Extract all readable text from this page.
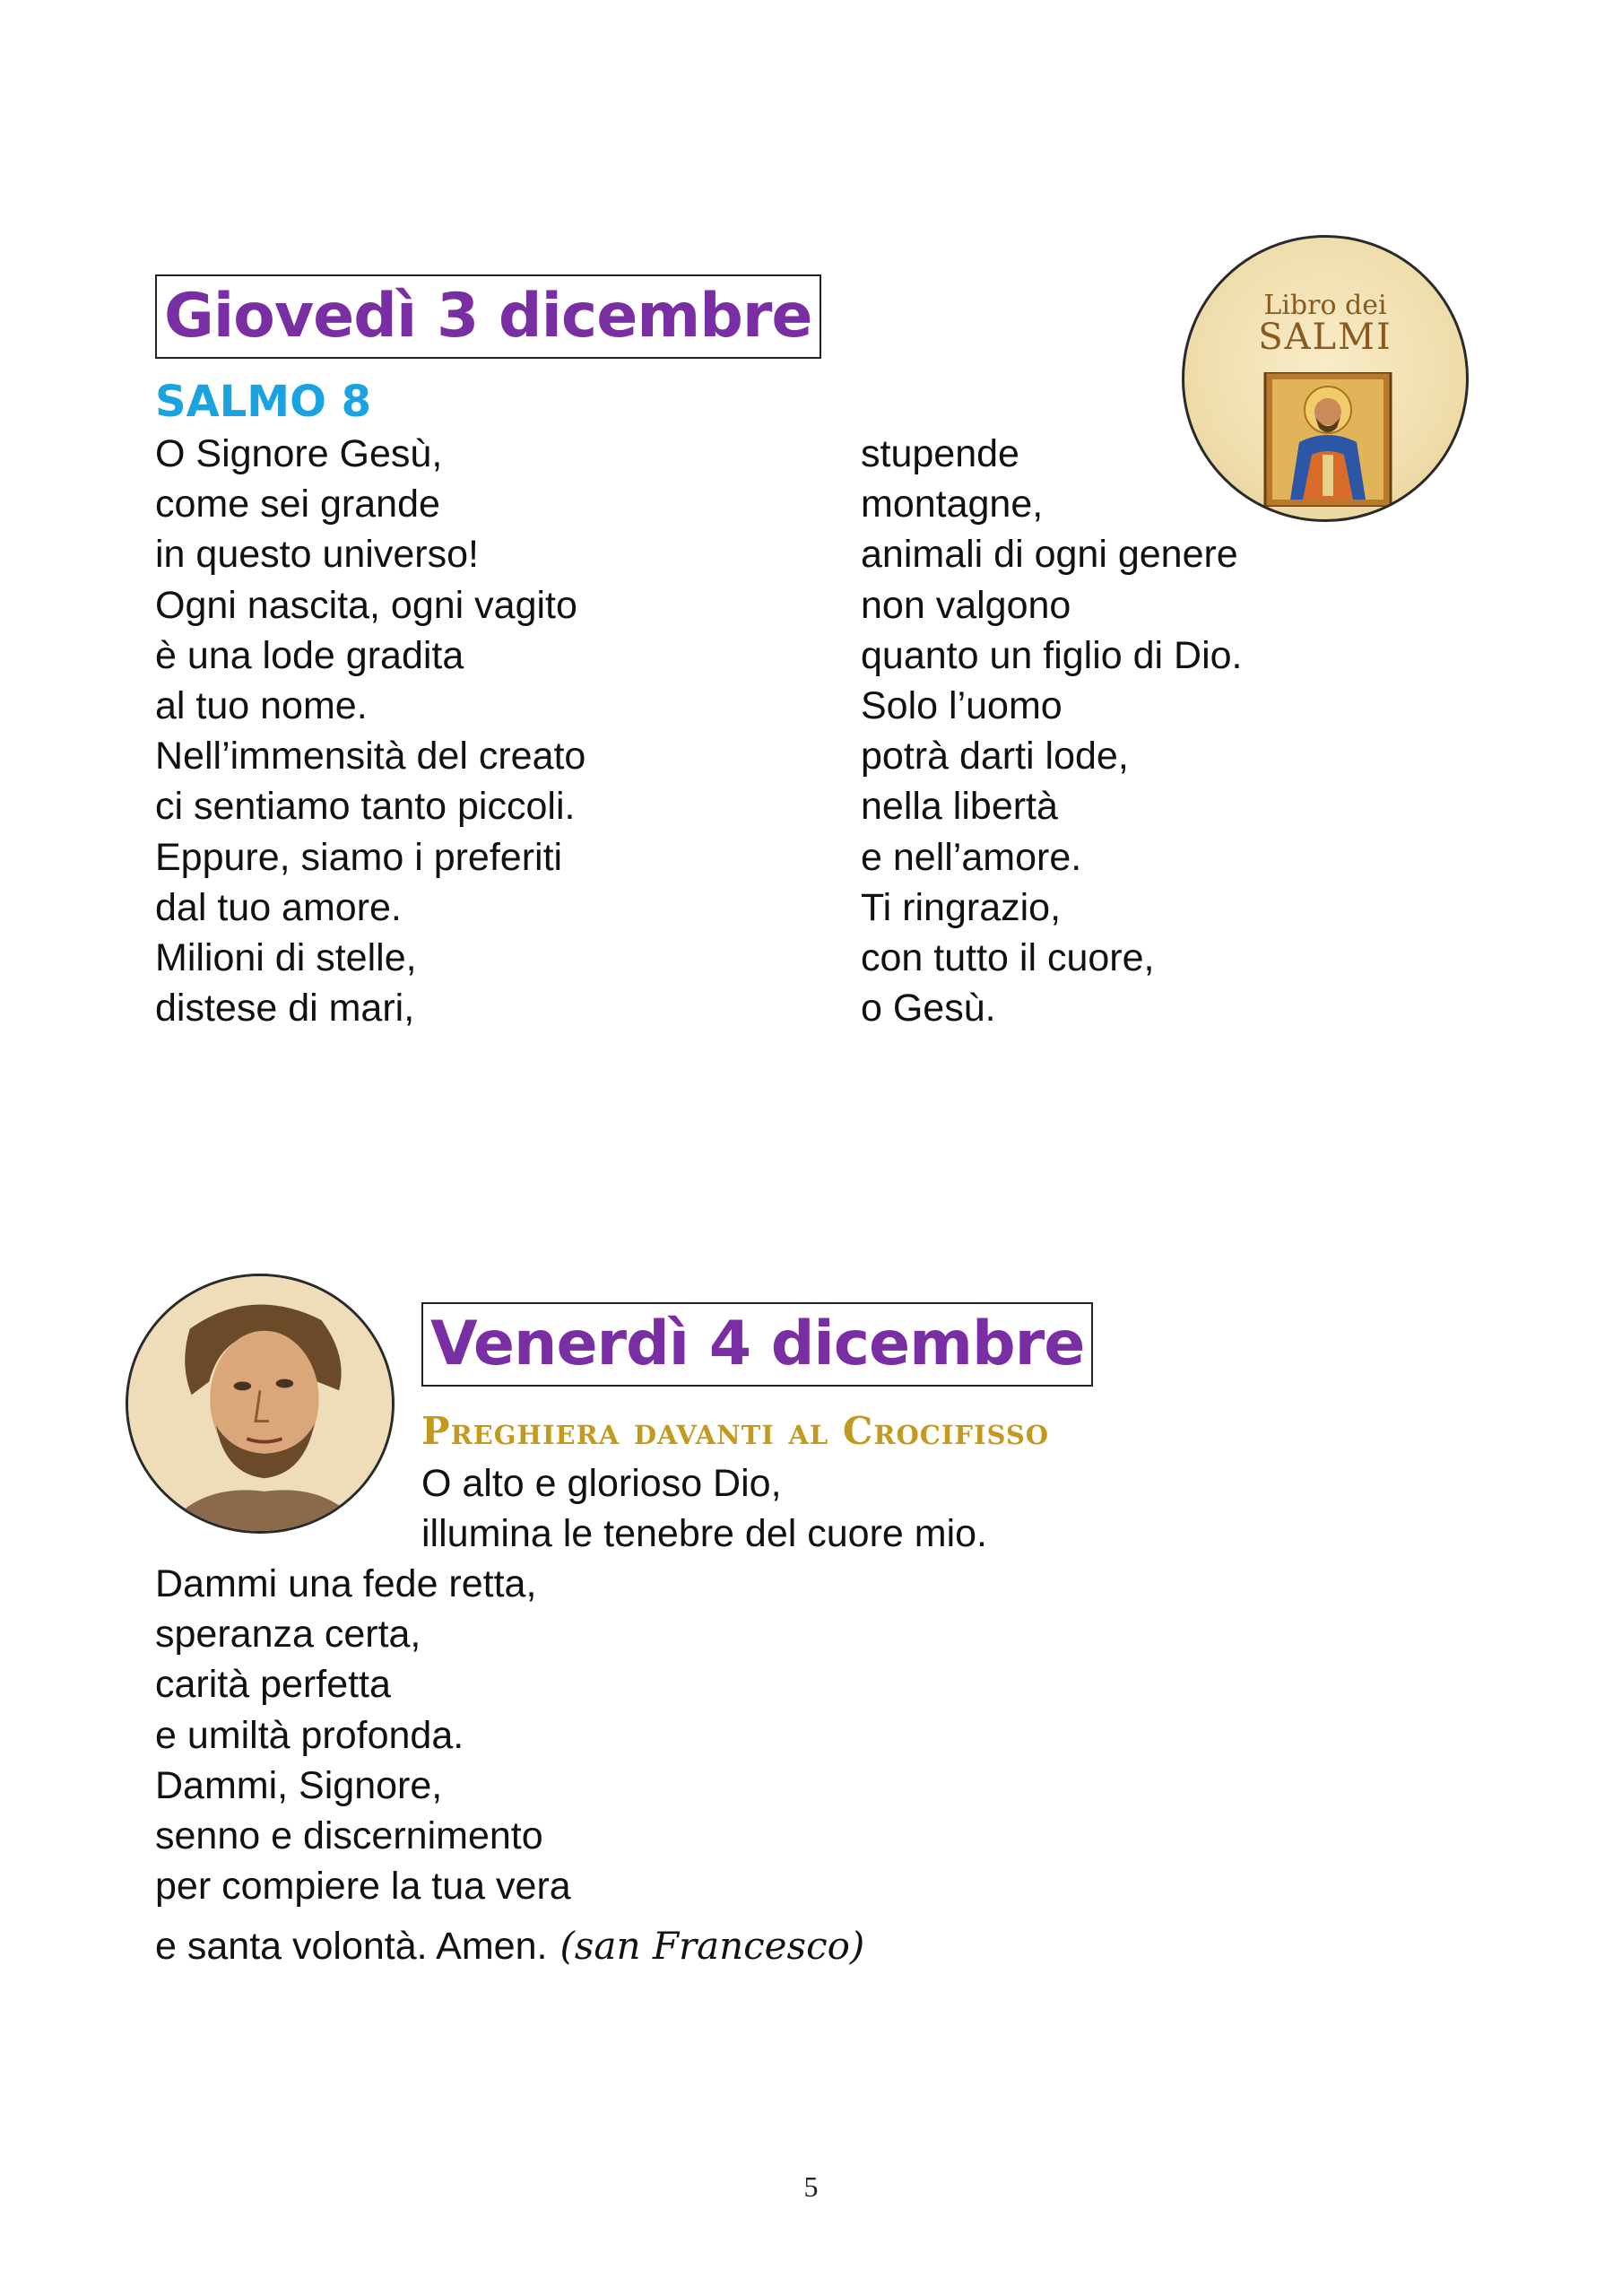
Giovedì 3 dicembre
SALMO 8
O Signore Gesù,
come sei grande
in questo universo!
Ogni nascita, ogni vagito
è una lode gradita
al tuo nome.
Nell’immensità del creato
ci sentiamo tanto piccoli.
Eppure, siamo i preferiti
dal tuo amore.
Milioni di stelle,
distese di mari,
stupende
montagne,
animali di ogni genere
non valgono
quanto un figlio di Dio.
Solo l’uomo
potrà darti lode,
nella libertà
e nell’amore.
Ti ringrazio,
con tutto il cuore,
o Gesù.
Libro dei
SALMI
Venerdì 4 dicembre
Preghiera davanti al Crocifisso
O alto e glorioso Dio,
illumina le tenebre del cuore mio.
Dammi una fede retta,
speranza certa,
carità perfetta
e umiltà profonda.
Dammi, Signore,
senno e discernimento
per compiere la tua vera
e santa volontà. Amen. (san Francesco)
5
